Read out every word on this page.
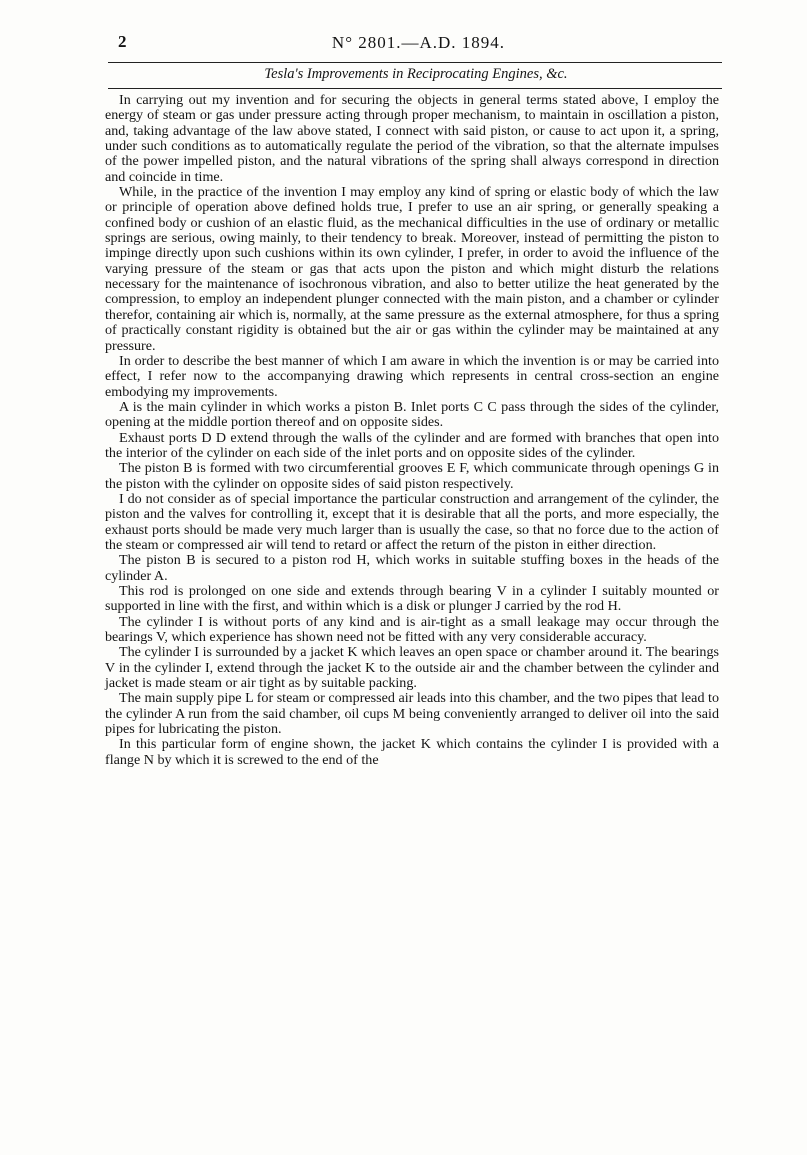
2	N° 2801.—A.D. 1894.
Tesla's Improvements in Reciprocating Engines, &c.

In carrying out my invention and for securing the objects in general terms stated above, I employ the energy of steam or gas under pressure acting through proper mechanism, to maintain in oscillation a piston, and, taking advantage of the law above stated, I connect with said piston, or cause to act upon it, a spring, under such conditions as to automatically regulate the period of the vibration, so that the alternate impulses of the power impelled piston, and the natural vibrations of the spring shall always correspond in direction and coincide in time.

While, in the practice of the invention I may employ any kind of spring or elastic body of which the law or principle of operation above defined holds true, I prefer to use an air spring, or generally speaking a confined body or cushion of an elastic fluid, as the mechanical difficulties in the use of ordinary or metallic springs are serious, owing mainly, to their tendency to break. Moreover, instead of permitting the piston to impinge directly upon such cushions within its own cylinder, I prefer, in order to avoid the influence of the varying pressure of the steam or gas that acts upon the piston and which might disturb the relations necessary for the maintenance of isochronous vibration, and also to better utilize the heat generated by the compression, to employ an independent plunger connected with the main piston, and a chamber or cylinder therefor, containing air which is, normally, at the same pressure as the external atmosphere, for thus a spring of practically constant rigidity is obtained but the air or gas within the cylinder may be maintained at any pressure.

In order to describe the best manner of which I am aware in which the invention is or may be carried into effect, I refer now to the accompanying drawing which represents in central cross-section an engine embodying my improvements.

A is the main cylinder in which works a piston B. Inlet ports C C pass through the sides of the cylinder, opening at the middle portion thereof and on opposite sides.

Exhaust ports D D extend through the walls of the cylinder and are formed with branches that open into the interior of the cylinder on each side of the inlet ports and on opposite sides of the cylinder.

The piston B is formed with two circumferential grooves E F, which communicate through openings G in the piston with the cylinder on opposite sides of said piston respectively.

I do not consider as of special importance the particular construction and arrangement of the cylinder, the piston and the valves for controlling it, except that it is desirable that all the ports, and more especially, the exhaust ports should be made very much larger than is usually the case, so that no force due to the action of the steam or compressed air will tend to retard or affect the return of the piston in either direction.

The piston B is secured to a piston rod H, which works in suitable stuffing boxes in the heads of the cylinder A.

This rod is prolonged on one side and extends through bearing V in a cylinder I suitably mounted or supported in line with the first, and within which is a disk or plunger J carried by the rod H.

The cylinder I is without ports of any kind and is air-tight as a small leakage may occur through the bearings V, which experience has shown need not be fitted with any very considerable accuracy.

The cylinder I is surrounded by a jacket K which leaves an open space or chamber around it. The bearings V in the cylinder I, extend through the jacket K to the outside air and the chamber between the cylinder and jacket is made steam or air tight as by suitable packing.

The main supply pipe L for steam or compressed air leads into this chamber, and the two pipes that lead to the cylinder A run from the said chamber, oil cups M being conveniently arranged to deliver oil into the said pipes for lubricating the piston.

In this particular form of engine shown, the jacket K which contains the cylinder I is provided with a flange N by which it is screwed to the end of the
